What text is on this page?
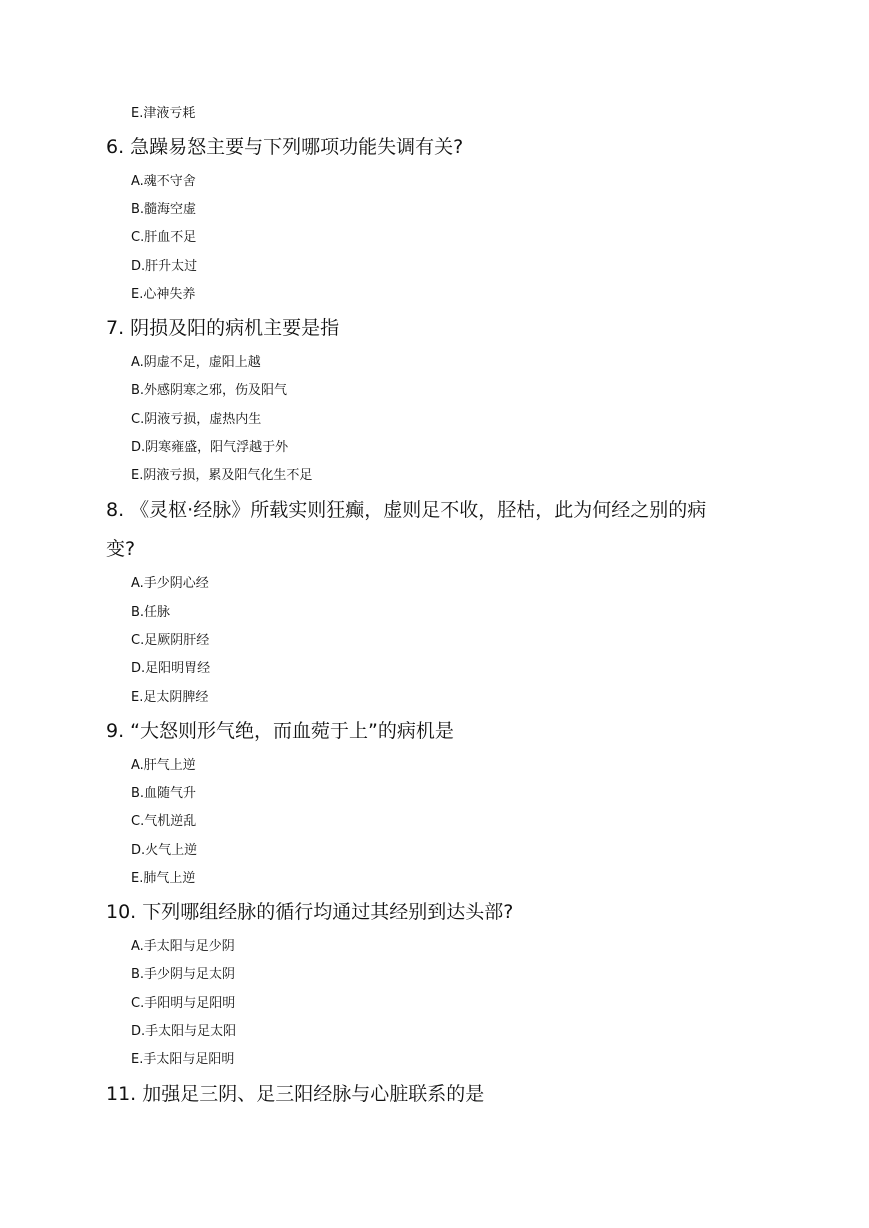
E.津液亏耗
6. 急躁易怒主要与下列哪项功能失调有关?
A.魂不守舍
B.髓海空虚
C.肝血不足
D.肝升太过
E.心神失养
7. 阴损及阳的病机主要是指
A.阴虚不足，虚阳上越
B.外感阴寒之邪，伤及阳气
C.阴液亏损，虚热内生
D.阴寒雍盛，阳气浮越于外
E.阴液亏损，累及阳气化生不足
8. 《灵枢·经脉》所载实则狂癫，虚则足不收，胫枯，此为何经之别的病
变?
A.手少阴心经
B.任脉
C.足厥阴肝经
D.足阳明胃经
E.足太阴脾经
9. “大怒则形气绝，而血菀于上”的病机是
A.肝气上逆
B.血随气升
C.气机逆乱
D.火气上逆
E.肺气上逆
10. 下列哪组经脉的循行均通过其经别到达头部?
A.手太阳与足少阴
B.手少阴与足太阴
C.手阳明与足阳明
D.手太阳与足太阳
E.手太阳与足阳明
11. 加强足三阴、足三阳经脉与心脏联系的是
